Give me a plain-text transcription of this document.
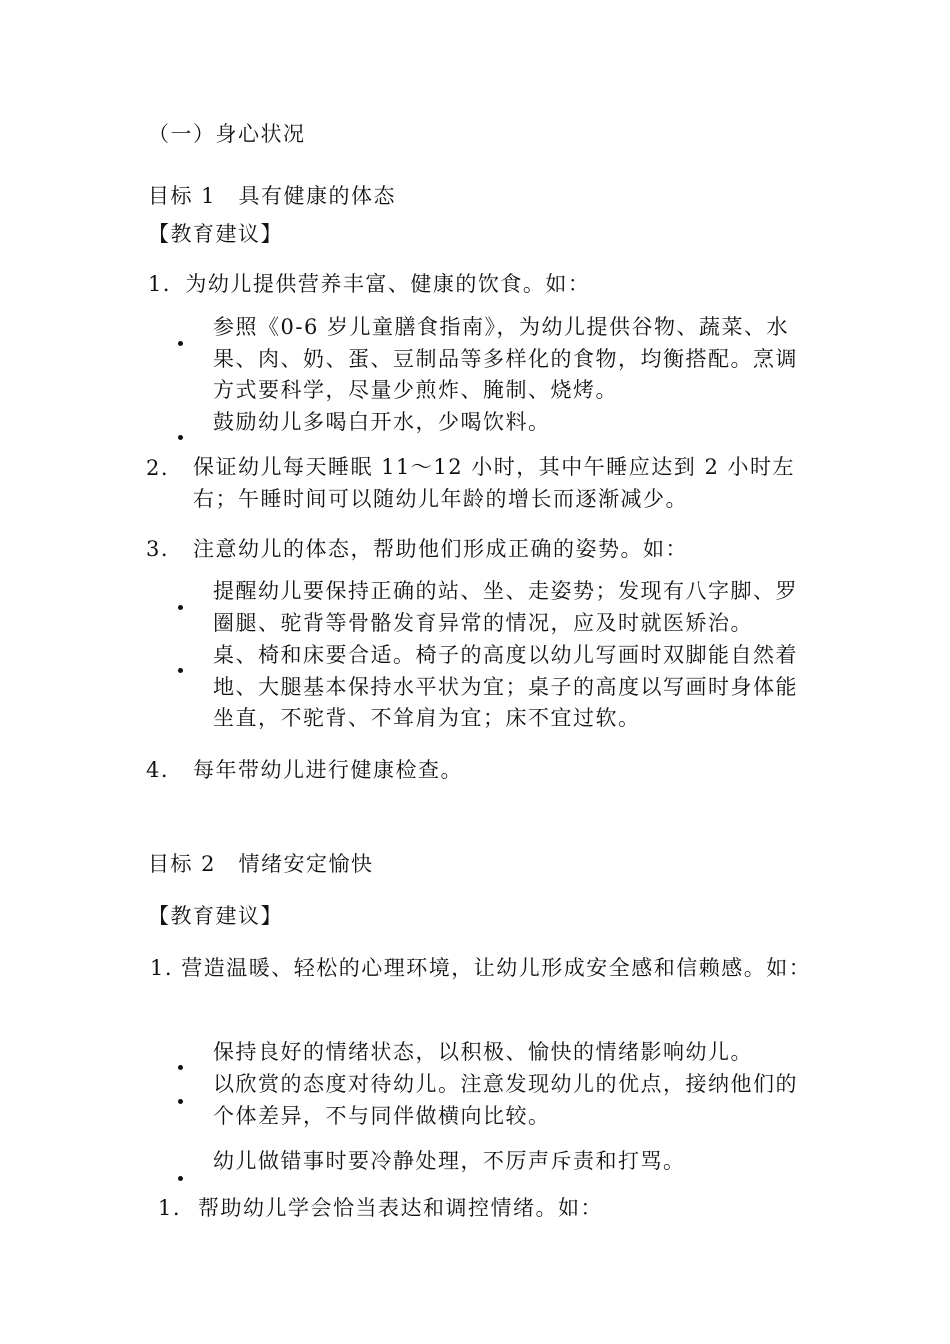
（一）身心状况
目标 1　具有健康的体态
【教育建议】
1．为幼儿提供营养丰富、健康的饮食。如：
参照《0-6 岁儿童膳食指南》，为幼儿提供谷物、蔬菜、水果、肉、奶、蛋、豆制品等多样化的食物，均衡搭配。烹调方式要科学，尽量少煎炸、腌制、烧烤。
鼓励幼儿多喝白开水，少喝饮料。
2. 保证幼儿每天睡眠 11～12 小时，其中午睡应达到 2 小时左右；午睡时间可以随幼儿年龄的增长而逐渐减少。
3. 注意幼儿的体态，帮助他们形成正确的姿势。如：
提醒幼儿要保持正确的站、坐、走姿势；发现有八字脚、罗圈腿、驼背等骨骼发育异常的情况，应及时就医矫治。
桌、椅和床要合适。椅子的高度以幼儿写画时双脚能自然着地、大腿基本保持水平状为宜；桌子的高度以写画时身体能坐直，不驼背、不耸肩为宜；床不宜过软。
4. 每年带幼儿进行健康检查。
目标 2　情绪安定愉快
【教育建议】
1. 营造温暖、轻松的心理环境，让幼儿形成安全感和信赖感。如：
保持良好的情绪状态，以积极、愉快的情绪影响幼儿。
以欣赏的态度对待幼儿。注意发现幼儿的优点，接纳他们的个体差异，不与同伴做横向比较。
幼儿做错事时要冷静处理，不厉声斥责和打骂。
1. 帮助幼儿学会恰当表达和调控情绪。如：
